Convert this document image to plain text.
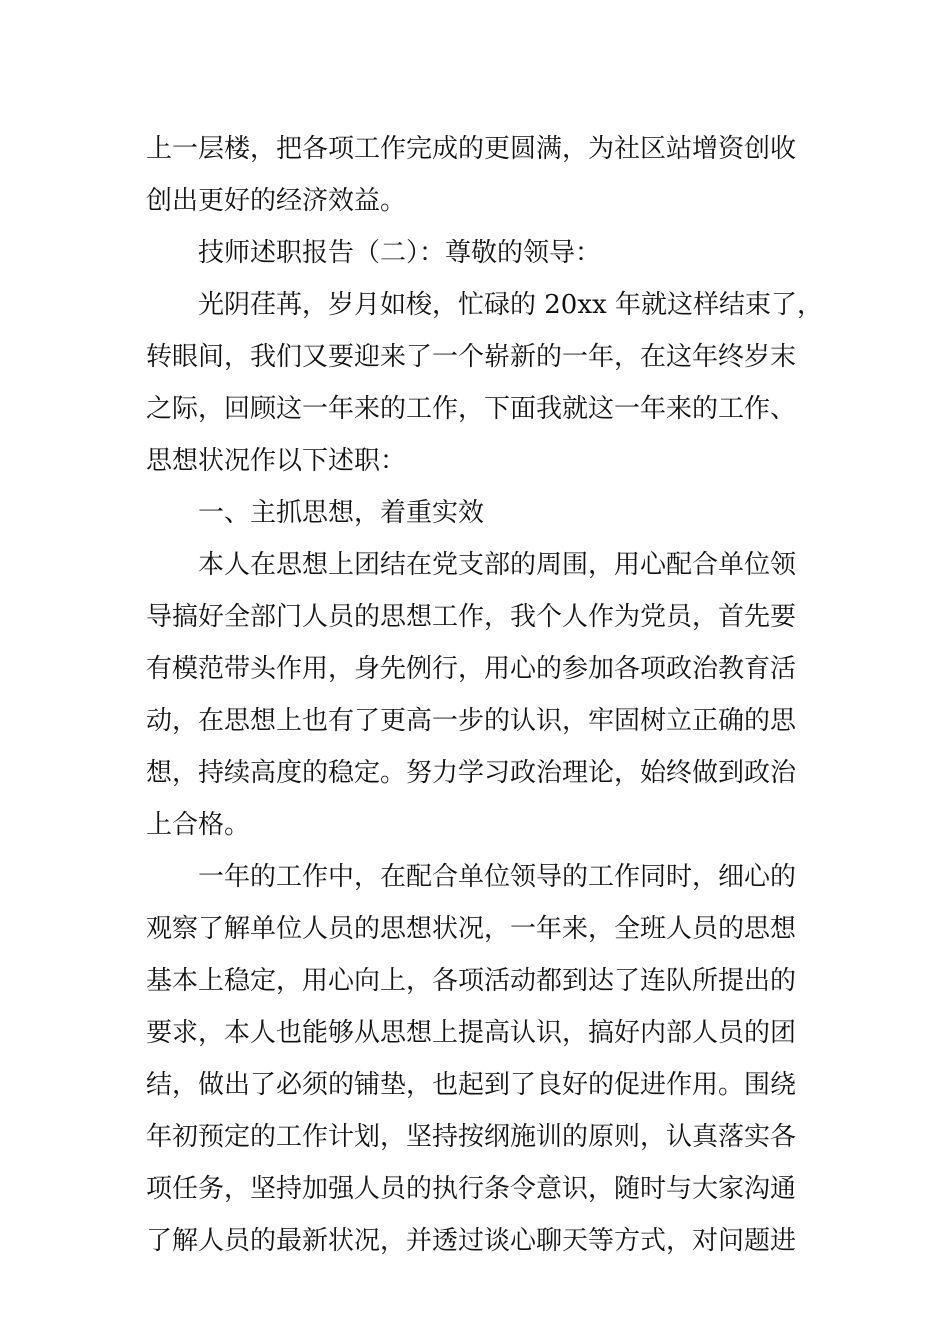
上一层楼，把各项工作完成的更圆满，为社区站增资创收
创出更好的经济效益。
技师述职报告（二）：尊敬的领导：
光阴荏苒，岁月如梭，忙碌的 20xx 年就这样结束了，
转眼间，我们又要迎来了一个崭新的一年，在这年终岁末
之际，回顾这一年来的工作，下面我就这一年来的工作、
思想状况作以下述职：
一、主抓思想，着重实效
本人在思想上团结在党支部的周围，用心配合单位领
导搞好全部门人员的思想工作，我个人作为党员，首先要
有模范带头作用，身先例行，用心的参加各项政治教育活
动，在思想上也有了更高一步的认识，牢固树立正确的思
想，持续高度的稳定。努力学习政治理论，始终做到政治
上合格。
一年的工作中，在配合单位领导的工作同时，细心的
观察了解单位人员的思想状况，一年来，全班人员的思想
基本上稳定，用心向上，各项活动都到达了连队所提出的
要求，本人也能够从思想上提高认识，搞好内部人员的团
结，做出了必须的铺垫，也起到了良好的促进作用。围绕
年初预定的工作计划，坚持按纲施训的原则，认真落实各
项任务，坚持加强人员的执行条令意识，随时与大家沟通
了解人员的最新状况，并透过谈心聊天等方式，对问题进
